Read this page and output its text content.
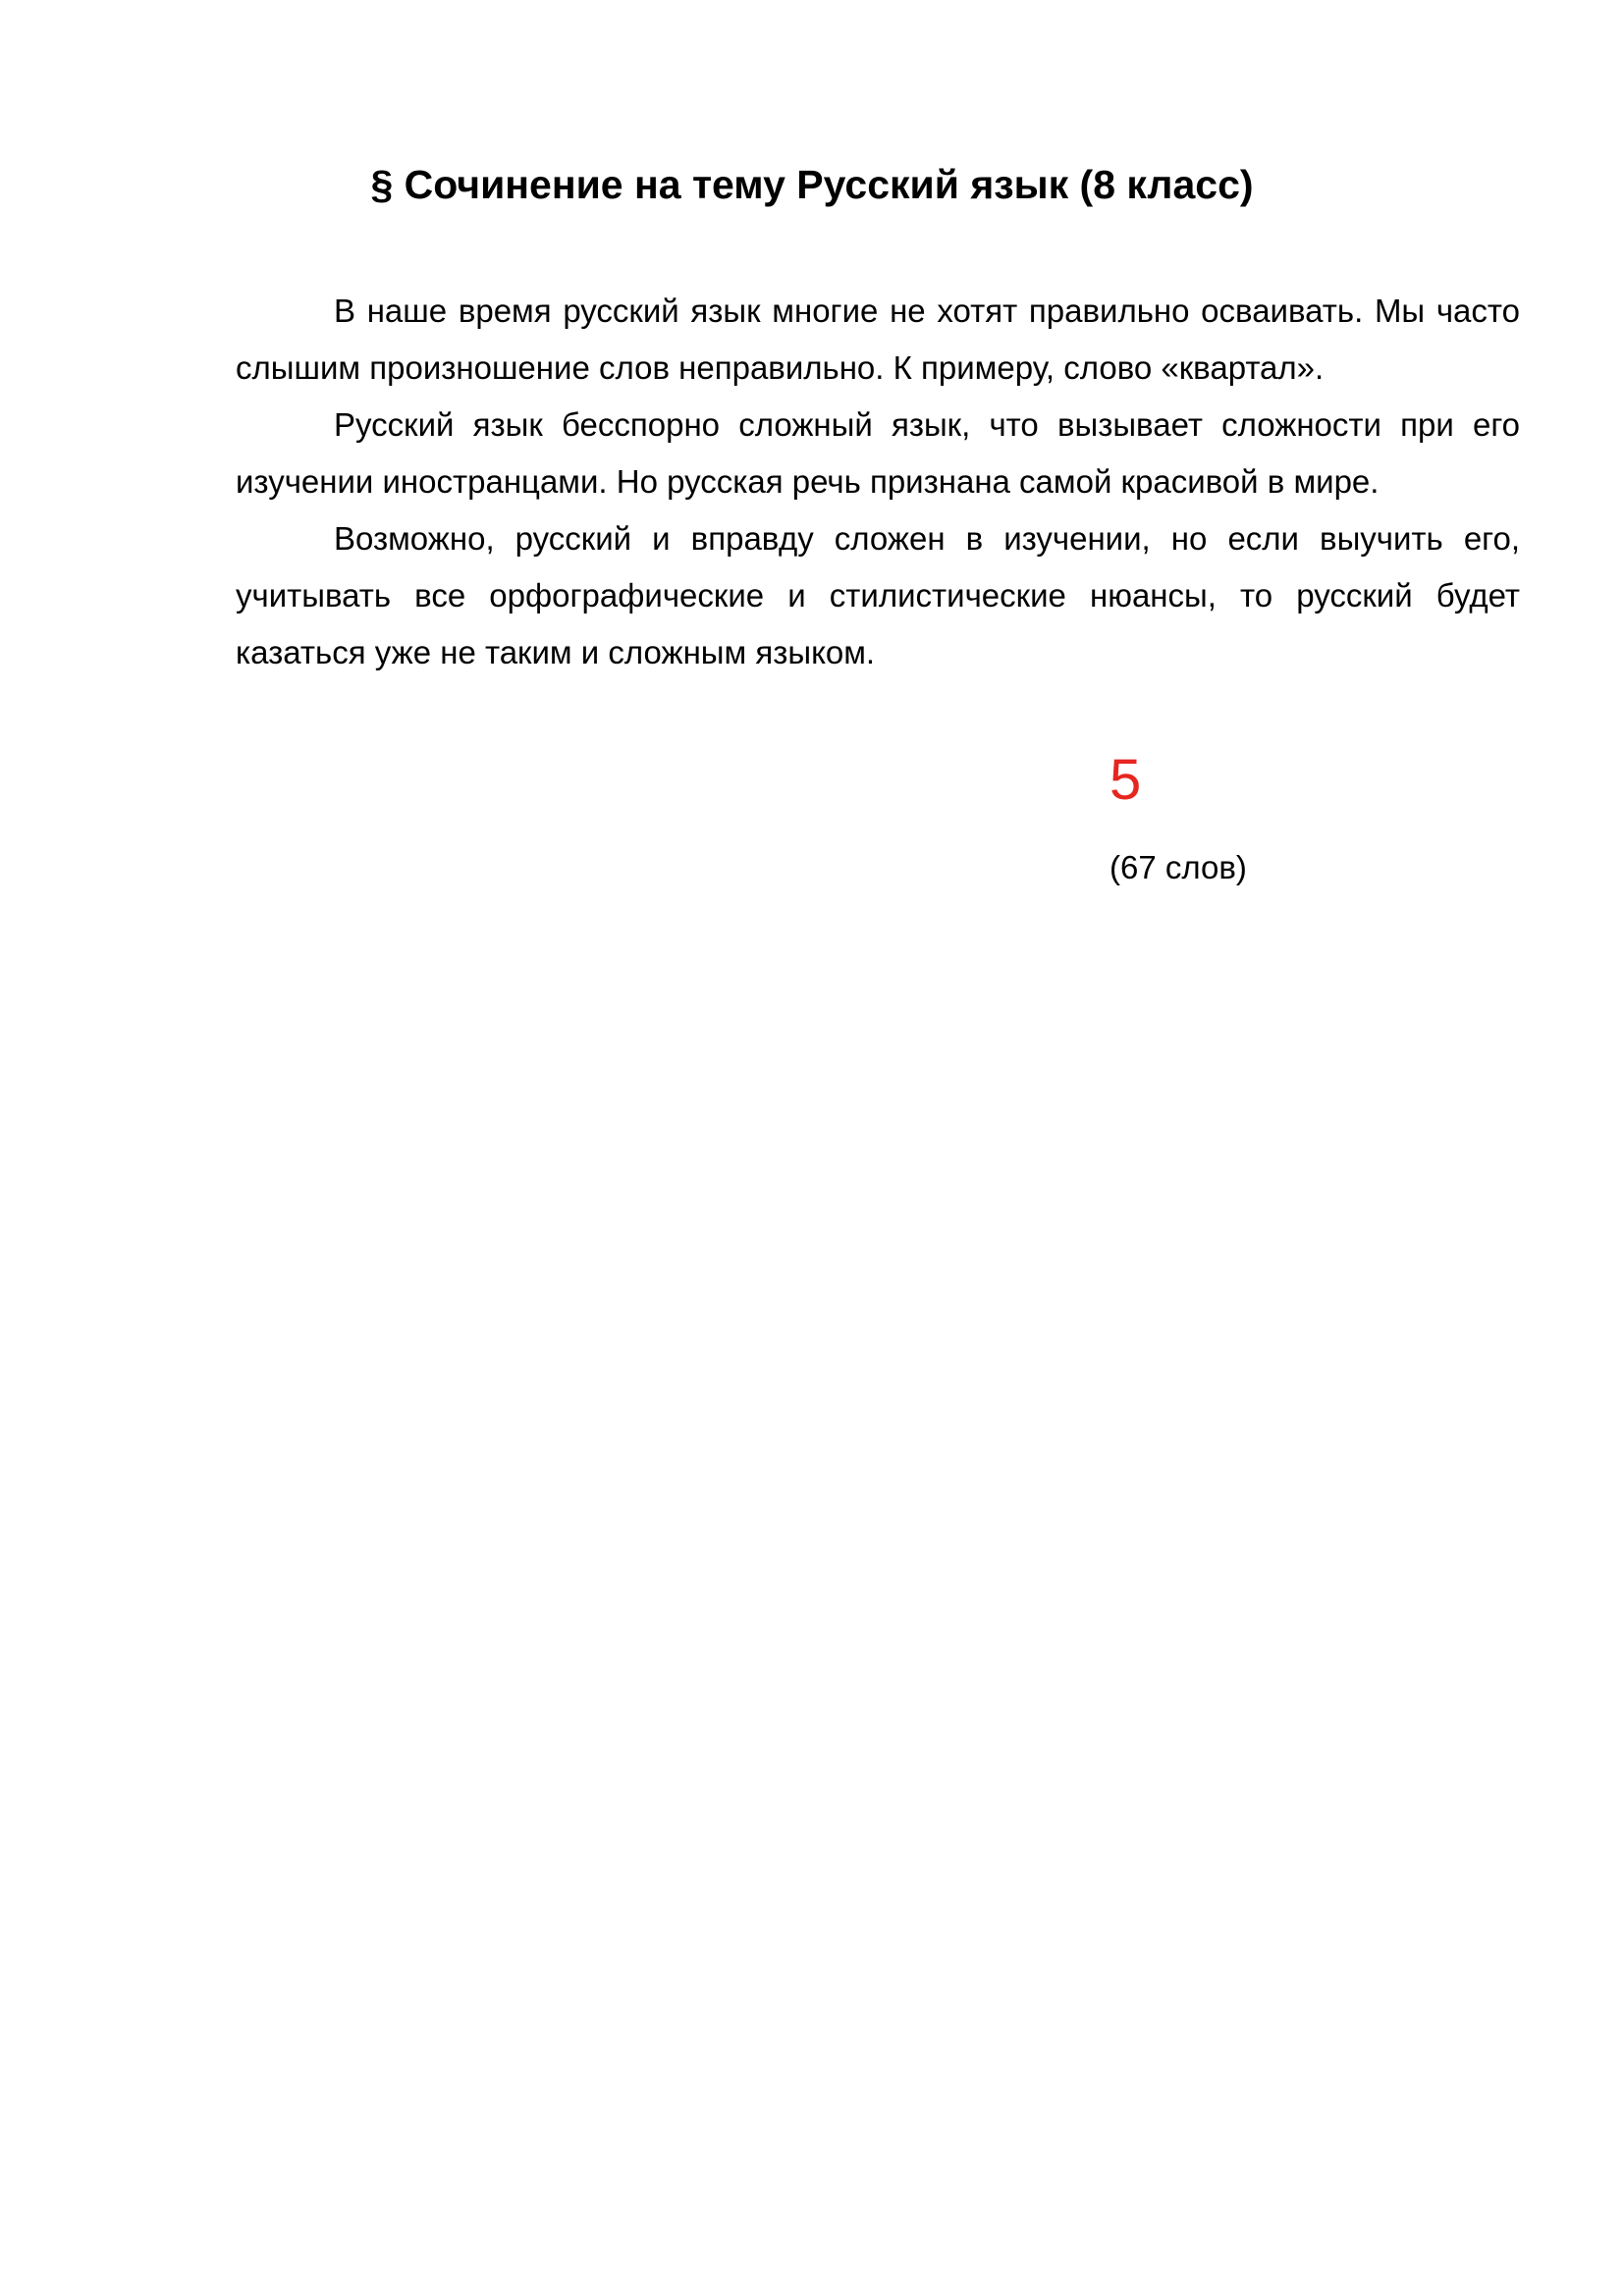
§ Сочинение на тему Русский язык (8 класс)

В наше время русский язык многие не хотят правильно осваивать. Мы часто слышим произношение слов неправильно. К примеру, слово «квартал».

Русский язык бесспорно сложный язык, что вызывает сложности при его изучении иностранцами. Но русская речь признана самой красивой в мире.

Возможно, русский и вправду сложен в изучении, но если выучить его, учитывать все орфографические и стилистические нюансы, то русский будет казаться уже не таким и сложным языком.

5
(67 слов)
